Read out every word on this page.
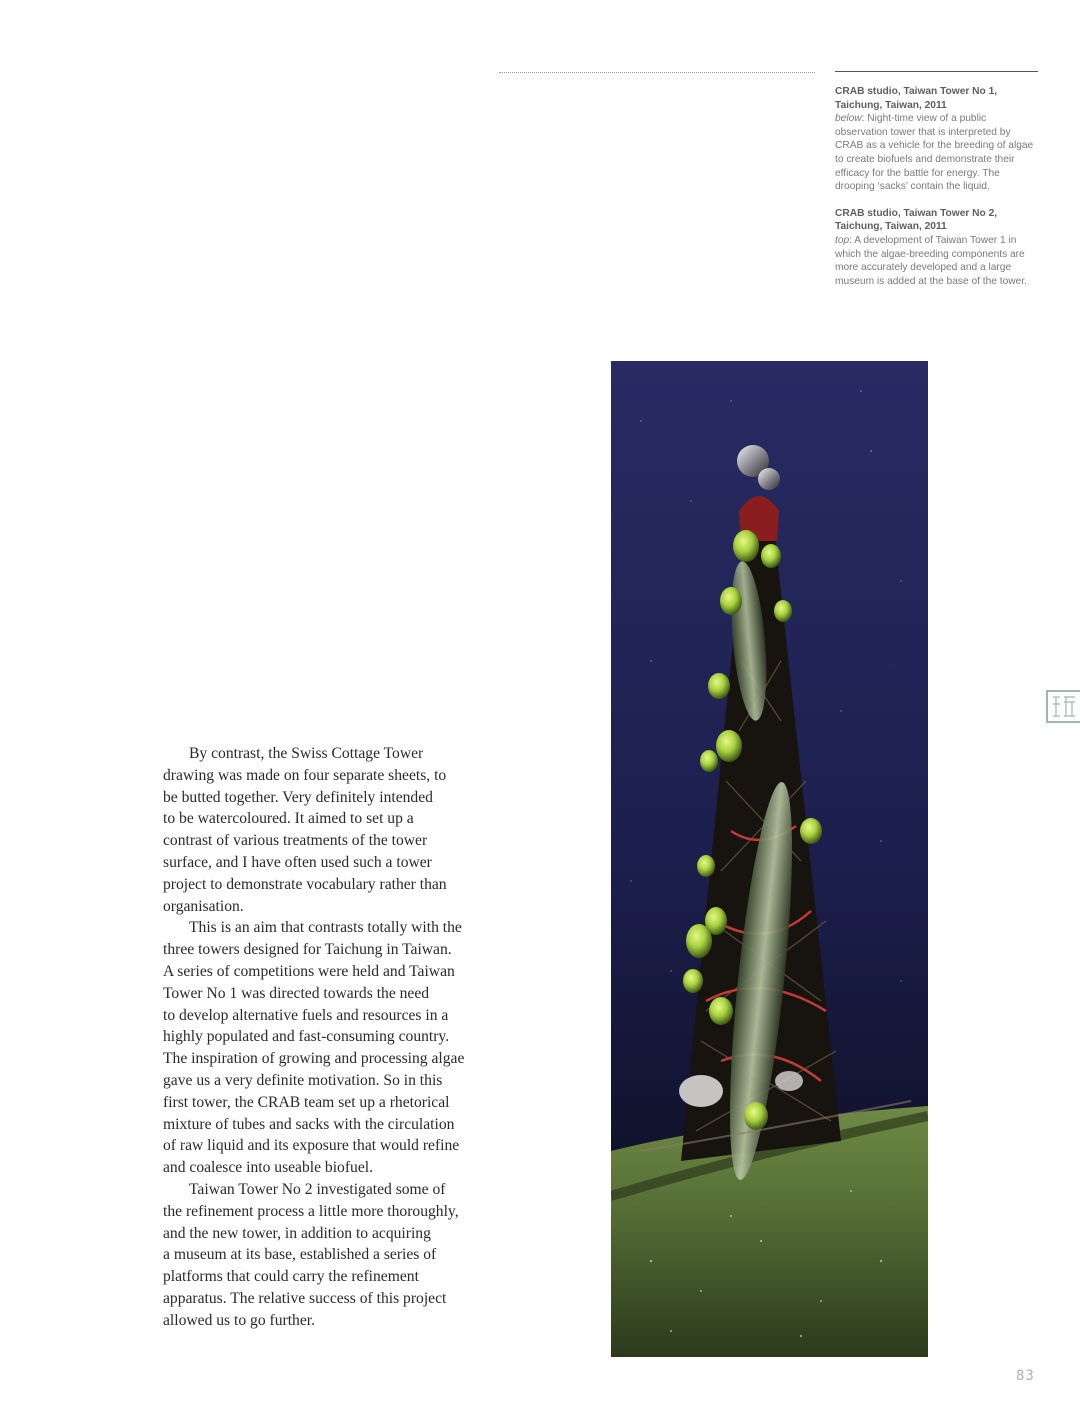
CRAB studio, Taiwan Tower No 1, Taichung, Taiwan, 2011
below: Night-time view of a public observation tower that is interpreted by CRAB as a vehicle for the breeding of algae to create biofuels and demonstrate their efficacy for the battle for energy. The drooping ‘sacks’ contain the liquid.
CRAB studio, Taiwan Tower No 2, Taichung, Taiwan, 2011
top: A development of Taiwan Tower 1 in which the algae-breeding components are more accurately developed and a large museum is added at the base of the tower.
By contrast, the Swiss Cottage Tower
drawing was made on four separate sheets, to
be butted together. Very definitely intended
to be watercoloured. It aimed to set up a
contrast of various treatments of the tower
surface, and I have often used such a tower
project to demonstrate vocabulary rather than
organisation.
This is an aim that contrasts totally with the
three towers designed for Taichung in Taiwan.
A series of competitions were held and Taiwan
Tower No 1 was directed towards the need
to develop alternative fuels and resources in a
highly populated and fast-consuming country.
The inspiration of growing and processing algae
gave us a very definite motivation. So in this
first tower, the CRAB team set up a rhetorical
mixture of tubes and sacks with the circulation
of raw liquid and its exposure that would refine
and coalesce into useable biofuel.
Taiwan Tower No 2 investigated some of
the refinement process a little more thoroughly,
and the new tower, in addition to acquiring
a museum at its base, established a series of
platforms that could carry the refinement
apparatus. The relative success of this project
allowed us to go further.
83
